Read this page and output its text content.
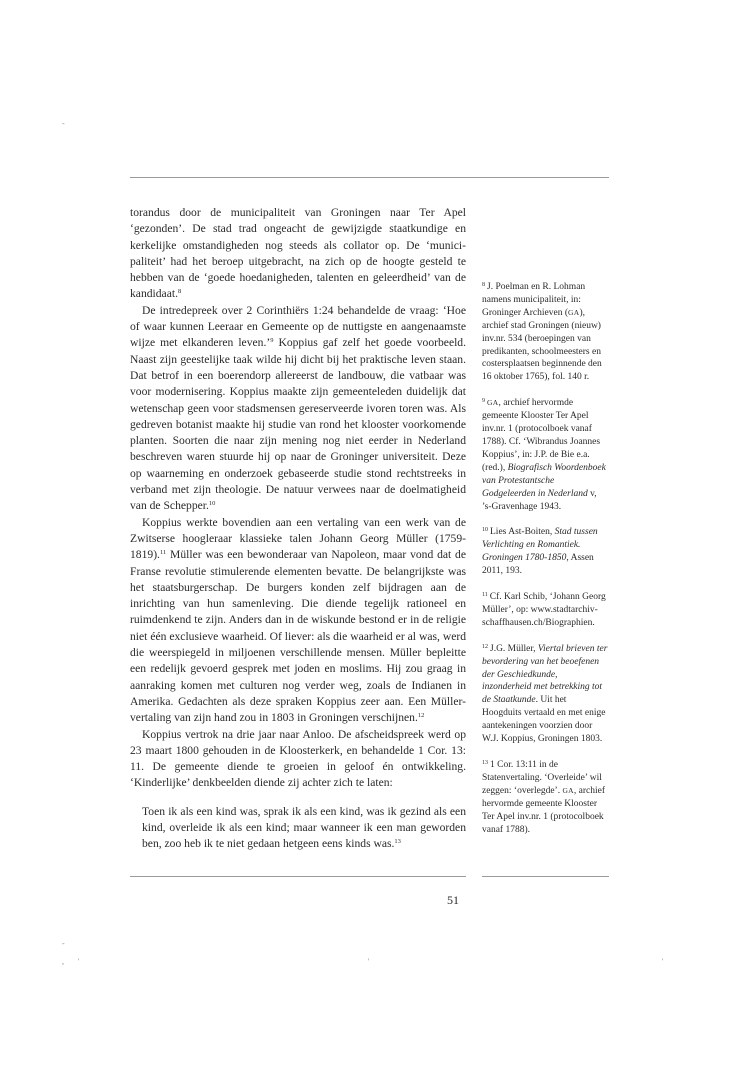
-
-
, '	'	'

torandus door de municipaliteit van Groningen naar Ter Apel ‘gezonden’. De stad trad ongeacht de gewijzigde staatkundige en kerkelijke omstandigheden nog steeds als collator op. De ‘municipaliteit’ had het beroep uitgebracht, na zich op de hoogte gesteld te hebben van de ‘goede hoedanigheden, talenten en geleerdheid’ van de kandidaat.$^8$

De intredepreek over 2 Corinthiërs 1:24 behandelde de vraag: ‘Hoe of waar kunnen Leeraar en Gemeente op de nuttigste en aangenaamste wijze met elkanderen leven.’$^9$ Koppius gaf zelf het goede voorbeeld. Naast zijn geestelijke taak wilde hij dicht bij het praktische leven staan. Dat betrof in een boerendorp allereerst de landbouw, die vatbaar was voor modernisering. Koppius maakte zijn gemeenteleden duidelijk dat wetenschap geen voor stadsmensen gereserveerde ivoren toren was. Als gedreven botanist maakte hij studie van rond het klooster voorkomende planten. Soorten die naar zijn mening nog niet eerder in Nederland beschreven waren stuurde hij op naar de Groninger universiteit. Deze op waarneming en onderzoek gebaseerde studie stond rechtstreeks in verband met zijn theologie. De natuur verwees naar de doelmatigheid van de Schepper.$^{10}$

Koppius werkte bovendien aan een vertaling van een werk van de Zwitserse hoogleraar klassieke talen Johann Georg Müller (1759-1819).$^{11}$ Müller was een bewonderaar van Napoleon, maar vond dat de Franse revolutie stimulerende elementen bevatte. De belangrijkste was het staatsburgerschap. De burgers konden zelf bijdragen aan de inrichting van hun samenleving. Die diende tegelijk rationeel en ruimdenkend te zijn. Anders dan in de wiskunde bestond er in de religie niet één exclusieve waarheid. Of liever: als die waarheid er al was, werd die weerspiegeld in miljoenen verschillende mensen. Müller bepleitte een redelijk gevoerd gesprek met joden en moslims. Hij zou graag in aanraking komen met culturen nog verder weg, zoals de Indianen in Amerika. Gedachten als deze spraken Koppius zeer aan. Een Müller-vertaling van zijn hand zou in 1803 in Groningen verschijnen.$^{12}$

Koppius vertrok na drie jaar naar Anloo. De afscheidspreek werd op 23 maart 1800 gehouden in de Kloosterkerk, en behandelde 1 Cor. 13: 11. De gemeente diende te groeien in geloof én ontwikkeling. ‘Kinderlijke’ denkbeelden diende zij achter zich te laten:

Toen ik als een kind was, sprak ik als een kind, was ik gezind als een kind, overleide ik als een kind; maar wanneer ik een man geworden ben, zoo heb ik te niet gedaan hetgeen eens kinds was.$^{13}$

$^8$ J. Poelman en R. Lohman namens municipaliteit, in: Groninger Archieven (GA), archief stad Groningen (nieuw) inv.nr. 534 (beroepingen van predikanten, schoolmeesters en costersplaatsen beginnende den 16 oktober 1765), fol. 140 r.

$^9$ GA, archief hervormde gemeente Klooster Ter Apel inv.nr. 1 (protocolboek vanaf 1788). Cf. ‘Wibrandus Joannes Koppius’, in: J.P. de Bie e.a. (red.), Biografisch Woordenboek van Protestantsche Godgeleerden in Nederland v, ’s-Gravenhage 1943.

$^{10}$ Lies Ast-Boiten, Stad tussen Verlichting en Romantiek. Groningen 1780-1850, Assen 2011, 193.

$^{11}$ Cf. Karl Schib, ‘Johann Georg Müller’, op: www.stadtarchivschaffhausen.ch/Biographien.

$^{12}$ J.G. Müller, Viertal brieven ter bevordering van het beoefenen der Geschiedkunde, inzonderheid met betrekking tot de Staatkunde. Uit het Hoogduits vertaald en met enige aantekeningen voorzien door W.J. Koppius, Groningen 1803.

$^{13}$ 1 Cor. 13:11 in de Statenvertaling. ‘Overleide’ wil zeggen: ‘overlegde’. GA, archief hervormde gemeente Klooster Ter Apel inv.nr. 1 (protocolboek vanaf 1788).

51
